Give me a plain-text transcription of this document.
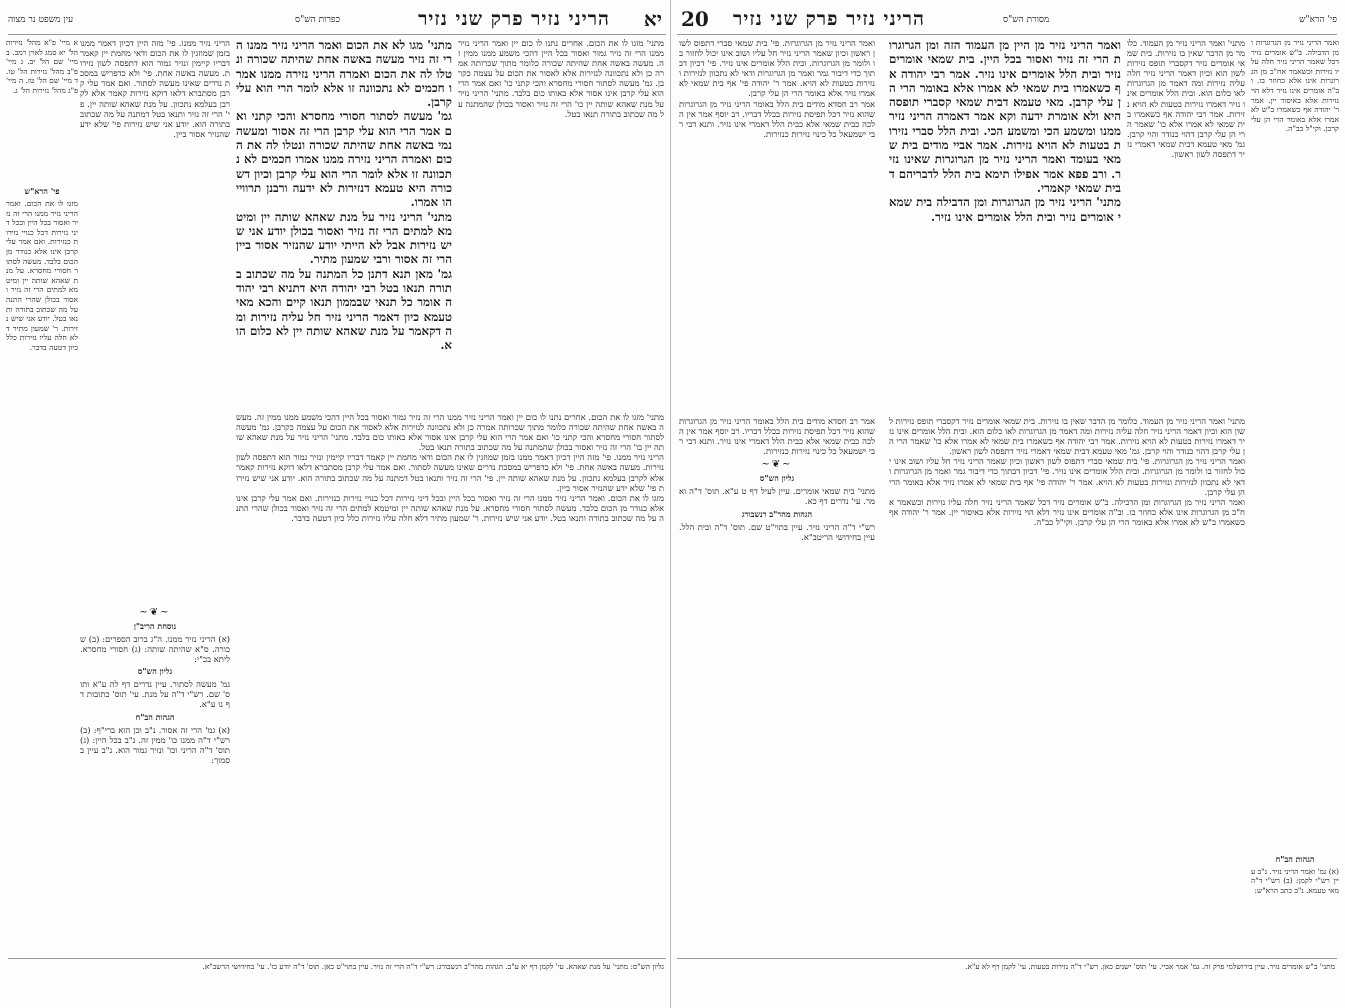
יא
הריני נזיר פרק שני נזיר
כפרות הש"ס
עין משפט נר מצוה
מתני' מזגו לו את הכום. אחרים נתנו לו כום יין ואמר הריני נזיר ממנו הרי זה נזיר גמור ואסור בכל היין דהכי משמע ממנו ממין זה. מעשה באשה אחת שהיתה שכורה כלומר מתוך שכרותה אמרה כן ולא נתכוונה לנזירות אלא לאסור את הכום על עצמה כקרבן. גמ' מעשה לסתור חסורי מחסרא והכי קתני כו' ואם אמר הרי הוא עלי קרבן אינו אסור אלא באותו כום בלבד. מתני' הריני נזיר על מנת שאהא שותה יין כו' הרי זה נזיר ואסור בכולן שהמתנה על מה שכתוב בתורה תנאו בטל.
מתני' מגו לא את הכום ואמר הריני נזיר ממנו הרי זה נזיר מעשה באשה אחת שהיתה שכורה ונטלו לה את הכום ואמרה הריני נזירה ממנו אמרו חכמים לא נתכוונה זו אלא לומר הרי הוא עלי קרבן.
גמ' מעשה לסתור חסורי מחסרא והכי קתני ואם אמר הרי הוא עלי קרבן הרי זה אסור ומעשה נמי באשה אחת שהיתה שכורה ונטלו לה את הכום ואמרה הריני נזירה ממנו אמרו חכמים לא נתכוונה זו אלא לומר הרי הוא עלי קרבן וכיון דשכורה היא טעמא דנזירות לא ידעה ורבנן תרווייהו אמרו.
מתני' הריני נזיר על מנת שאהא שותה יין ומיטמא למתים הרי זה נזיר ואסור בכולן יודע אני שיש נזירות אבל לא הייתי יודע שהנזיר אסור ביין הרי זה אסור ורבי שמעון מתיר.
גמ' מאן תנא דתנן כל המתנה על מה שכתוב בתורה תנאו בטל רבי יהודה היא דתניא רבי יהודה אומר כל תנאי שבממון תנאו קיים והכא מאי טעמא כיון דאמר הריני נזיר חל עליה נזירות ומה דקאמר על מנת שאהא שותה יין לא כלום הוא.
הריני נזיר ממנו. פי' מזה היין דכיון דאמר ממנו בזמן שמוזגין לו את הכום ודאי מחמת יין קאמר דבריו קיימין ונזיר גמור הוא דתפסה לשון נזירות. מעשה באשה אחת. פי' ולא כדפריש במסכת נדרים שאינו מעשה לסתור. ואם אמר עלי קרבן מסתברא דלאו דוקא נזירות קאמר אלא לקרבן בעלמא נתכוון. על מנת שאהא שותה יין. פי' הרי זה נזיר ותנאו בטל דמתנה על מה שכתוב בתורה הוא. יודע אני שיש נזירות פי' שלא ידע שהנזיר אסור ביין.
א מיי' פ"א מהל' נזירות הל' יא סמג לאוין רמב. ב מיי' שם הל' יב. ג מיי' פ"ב מהל' נזירות הל' טו. ד מיי' שם הל' טז. ה מיי' פ"ג מהל' נזירות הל' ג.
פי' הרא"ש
מזגו לו את הכום. ואמר הריני נזיר ממנו הרי זה נזיר ואסור בכל היין ובכל דיני נזירות דכל כנויי נזירות כנזירות. ואם אמר עלי קרבן אינו אלא כנודר מן הכום בלבד. מעשה לסתור חסורי מחסרא. על מנת שאהא שותה יין ומיטמא למתים הרי זה נזיר ואסור בכולן שהרי התנה על מה שכתוב בתורה ותנאו בטל. יודע אני שיש נזירות. ר' שמעון מתיר דלא חלה עליו נזירות כלל כיון דטעה בדבר.
מתני' מזגו לו את הכום. אחרים נתנו לו כום יין ואמר הריני נזיר ממנו הרי זה נזיר גמור ואסור בכל היין דהכי משמע ממנו ממין זה. מעשה באשה אחת שהיתה שכורה כלומר מתוך שכרותה אמרה כן ולא נתכוונה לנזירות אלא לאסור את הכום על עצמה כקרבן. גמ' מעשה לסתור חסורי מחסרא והכי קתני כו' ואם אמר הרי הוא עלי קרבן אינו אסור אלא באותו כום בלבד. מתני' הריני נזיר על מנת שאהא שותה יין כו' הרי זה נזיר ואסור בכולן שהמתנה על מה שכתוב בתורה תנאו בטל.
הריני נזיר ממנו. פי' מזה היין דכיון דאמר ממנו בזמן שמוזגין לו את הכום ודאי מחמת יין קאמר דבריו קיימין ונזיר גמור הוא דתפסה לשון נזירות. מעשה באשה אחת. פי' ולא כדפריש במסכת נדרים שאינו מעשה לסתור. ואם אמר עלי קרבן מסתברא דלאו דוקא נזירות קאמר אלא לקרבן בעלמא נתכוון. על מנת שאהא שותה יין. פי' הרי זה נזיר ותנאו בטל דמתנה על מה שכתוב בתורה הוא. יודע אני שיש נזירות פי' שלא ידע שהנזיר אסור ביין.
מזגו לו את הכום. ואמר הריני נזיר ממנו הרי זה נזיר ואסור בכל היין ובכל דיני נזירות דכל כנויי נזירות כנזירות. ואם אמר עלי קרבן אינו אלא כנודר מן הכום בלבד. מעשה לסתור חסורי מחסרא. על מנת שאהא שותה יין ומיטמא למתים הרי זה נזיר ואסור בכולן שהרי התנה על מה שכתוב בתורה ותנאו בטל. יודע אני שיש נזירות. ר' שמעון מתיר דלא חלה עליו נזירות כלל כיון דטעה בדבר.
~❦~
נוסחת הריב"ן
(א) הריני נזיר ממנו. ה"ג ברוב הספרים: (ב) שכורה. ס"א שהיתה שותה: (ג) חסורי מחסרא. ליתא בכ"י:
גליון הש"ס
גמ' מעשה לסתור. עיין נדרים דף לה ע"א ותוס' שם. רש"י ד"ה על מנת. עי' תוס' כתובות דף נו ע"א.
הגהות הב"ח
(א) גמ' הרי זה אסור. נ"ב וכן הוא ברי"ף: (ב) רש"י ד"ה ממנו כו' ממין זה. נ"ב בכל היין: (ג) תוס' ד"ה הריני וכו' ונזיר גמור הוא. נ"ב עיין בסמוך:
גליון הש"ס: מתני' על מנת שאהא. עי' לקמן דף יא ע"ב. הגהות מהר"ב רנשבורג: רש"י ד"ה הרי זה נזיר. עיין בתוי"ט כאן. תוס' ד"ה יודע כו'. עי' בחידושי הרשב"א.
20 הריני נזיר פרק שני נזיר	מסורת הש"ס	פי' הרא"ש
ואמר הריני נזיר מן הגרוגרות ומן הדבילה. ב"ש אומרים נזיר דכל שאמר הריני נזיר חלה עליו נזירות וכשאמר אח"כ מן הגרוגרות אינו אלא כחוזר בו. וב"ה אומרים אינו נזיר דלא הוי נזירות אלא באיסור יין. אמר ר' יהודה אף כשאמרו ב"ש לא אמרו אלא באומר הרי הן עלי קרבן. וקי"ל כב"ה.
הגהות הב"ח
(א) גמ' ואמר הריני נזיר. נ"ב עיין רש"י לקמן: (ב) רש"י ד"ה מאי טעמא. נ"ב כתב הרא"ש:
מתני' ואמר הריני נזיר מן העמוד. כלומר מן הדבר שאין בו נזירות. בית שמאי אומרים נזיר דקסברי תופס נזירות לשון הוא וכיון דאמר הריני נזיר חלה עליה נזירות ומה דאמר מן הגרוגרות לאו כלום הוא. ובית הלל אומרים אינו נזיר דאמרו נזירות בטעות לא הויא נזירות. אמר רבי יהודה אף כשאמרו בית שמאי לא אמרו אלא כו' שאמר הרי הן עלי קרבן דהוי כנודר והוי קרבן. גמ' מאי טעמא דבית שמאי דאמרי נזיר דתפסה לשון ראשון.
ואמר הריני נזיר מן היין מן העמוד הזה ומן הגרוגרות הרי זה נזיר ואסור בכל היין. בית שמאי אומרים נזיר ובית הלל אומרים אינו נזיר. אמר רבי יהודה אף כשאמרו בית שמאי לא אמרו אלא באומר הרי הן עלי קרבן. מאי טעמא דבית שמאי קסברי תופסה היא ולא אומרת ידעה וקא אמר דאמרה הריני נזיר ממנו ומשמע הכי ומשמע הכי. ובית הלל סברי נזירות בטעות לא הויא נזירות. אמר אביי מודים בית שמאי בעומד ואמר הריני נזיר מן הגרוגרות שאינו נזיר. ורב פפא אמר אפילו תימא בית הלל לדבריהם דבית שמאי קאמרי.
מתני' הריני נזיר מן הגרוגרות ומן הדבילה בית שמאי אומרים נזיר ובית הלל אומרים אינו נזיר.
ואמר הריני נזיר מן הגרוגרות. פי' בית שמאי סברי דתפוס לשון ראשון וכיון שאמר הריני נזיר חל עליו ושוב אינו יכול לחזור בו ולומר מן הגרוגרות. ובית הלל אומרים אינו נזיר. פי' דכיון דבתוך כדי דיבור גמר ואמר מן הגרוגרות ודאי לא נתכוון לנזירות ונזירות בטעות לא הויא. אמר ר' יהודה פי' אף בית שמאי לא אמרו נזיר אלא באומר הרי הן עלי קרבן.
אמר רב חסדא מודים בית הלל באומר הריני נזיר מן הגרוגרות שהוא נזיר דכל תפיסת נזירות בכלל דבריו. רב יוסף אמר אין הלכה כבית שמאי אלא כבית הלל דאמרי אינו נזיר. ותנא דבי רבי ישמעאל כל כינוי נזירות כנזירות.
מתני' ואמר הריני נזיר מן העמוד. כלומר מן הדבר שאין בו נזירות. בית שמאי אומרים נזיר דקסברי תופס נזירות לשון הוא וכיון דאמר הריני נזיר חלה עליה נזירות ומה דאמר מן הגרוגרות לאו כלום הוא. ובית הלל אומרים אינו נזיר דאמרו נזירות בטעות לא הויא נזירות. אמר רבי יהודה אף כשאמרו בית שמאי לא אמרו אלא כו' שאמר הרי הן עלי קרבן דהוי כנודר והוי קרבן. גמ' מאי טעמא דבית שמאי דאמרי נזיר דתפסה לשון ראשון.
ואמר הריני נזיר מן הגרוגרות. פי' בית שמאי סברי דתפוס לשון ראשון וכיון שאמר הריני נזיר חל עליו ושוב אינו יכול לחזור בו ולומר מן הגרוגרות. ובית הלל אומרים אינו נזיר. פי' דכיון דבתוך כדי דיבור גמר ואמר מן הגרוגרות ודאי לא נתכוון לנזירות ונזירות בטעות לא הויא. אמר ר' יהודה פי' אף בית שמאי לא אמרו נזיר אלא באומר הרי הן עלי קרבן.
ואמר הריני נזיר מן הגרוגרות ומן הדבילה. ב"ש אומרים נזיר דכל שאמר הריני נזיר חלה עליו נזירות וכשאמר אח"כ מן הגרוגרות אינו אלא כחוזר בו. וב"ה אומרים אינו נזיר דלא הוי נזירות אלא באיסור יין. אמר ר' יהודה אף כשאמרו ב"ש לא אמרו אלא באומר הרי הן עלי קרבן. וקי"ל כב"ה.
אמר רב חסדא מודים בית הלל באומר הריני נזיר מן הגרוגרות שהוא נזיר דכל תפיסת נזירות בכלל דבריו. רב יוסף אמר אין הלכה כבית שמאי אלא כבית הלל דאמרי אינו נזיר. ותנא דבי רבי ישמעאל כל כינוי נזירות כנזירות.
~❦~
גליון הש"ס
מתני' בית שמאי אומרים. עיין לעיל דף ט ע"א. תוס' ד"ה ואמר. עי' נדרים דף כא.
הגהות מהר"ב רנשבורג
רש"י ד"ה הריני נזיר. עיין בתוי"ט שם. תוס' ד"ה ובית הלל. עיין בחידושי הריטב"א.
מתני' ב"ש אומרים נזיר. עיין בירושלמי פרק זה. גמ' אמר אביי. עי' תוס' ישנים כאן. רש"י ד"ה נזירות בטעות. עי' לקמן דף לא ע"א.
